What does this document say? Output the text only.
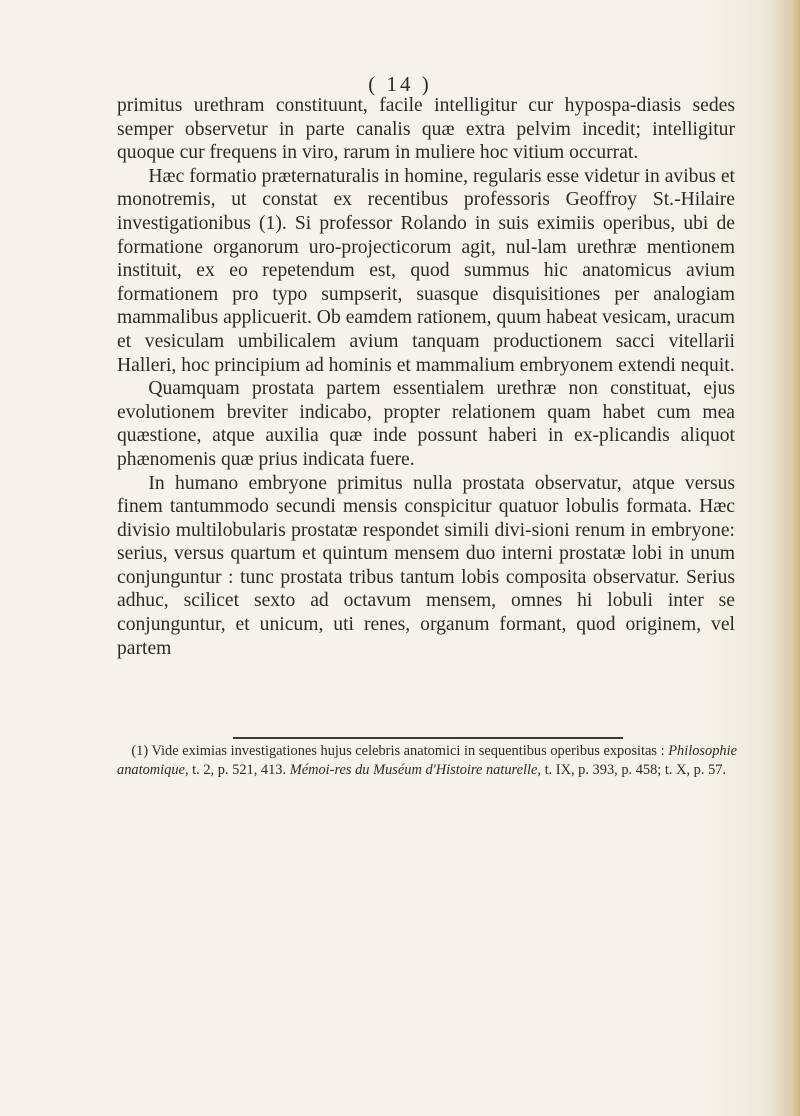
( 14 )

primitus urethram constituunt, facile intelligitur cur hypospa-diasis sedes semper observetur in parte canalis quæ extra pelvim incedit; intelligitur quoque cur frequens in viro, rarum in muliere hoc vitium occurrat.

Hæc formatio præternaturalis in homine, regularis esse videtur in avibus et monotremis, ut constat ex recentibus professoris Geoffroy St.-Hilaire investigationibus (1). Si professor Rolando in suis eximiis operibus, ubi de formatione organorum uro-projecticorum agit, nul-lam urethræ mentionem instituit, ex eo repetendum est, quod summus hic anatomicus avium formationem pro typo sumpserit, suasque disquisitiones per analogiam mammalibus applicuerit. Ob eamdem rationem, quum habeat vesicam, uracum et vesiculam umbilicalem avium tanquam productionem sacci vitellarii Halleri, hoc principium ad hominis et mammalium embryonem extendi nequit.

Quamquam prostata partem essentialem urethræ non constituat, ejus evolutionem breviter indicabo, propter relationem quam habet cum mea quæstione, atque auxilia quæ inde possunt haberi in ex-plicandis aliquot phænomenis quæ prius indicata fuere.

In humano embryone primitus nulla prostata observatur, atque versus finem tantummodo secundi mensis conspicitur quatuor lobulis formata. Hæc divisio multilobularis prostatæ respondet simili divi-sioni renum in embryone: serius, versus quartum et quintum mensem duo interni prostatæ lobi in unum conjunguntur : tunc prostata tribus tantum lobis composita observatur. Serius adhuc, scilicet sexto ad octavum mensem, omnes hi lobuli inter se conjunguntur, et unicum, uti renes, organum formant, quod originem, vel partem

(1) Vide eximias investigationes hujus celebris anatomici in sequentibus operibus expositas : Philosophie anatomique, t. 2, p. 521, 413. Mémoi-res du Muséum d'Histoire naturelle, t. IX, p. 393, p. 458; t. X, p. 57.
